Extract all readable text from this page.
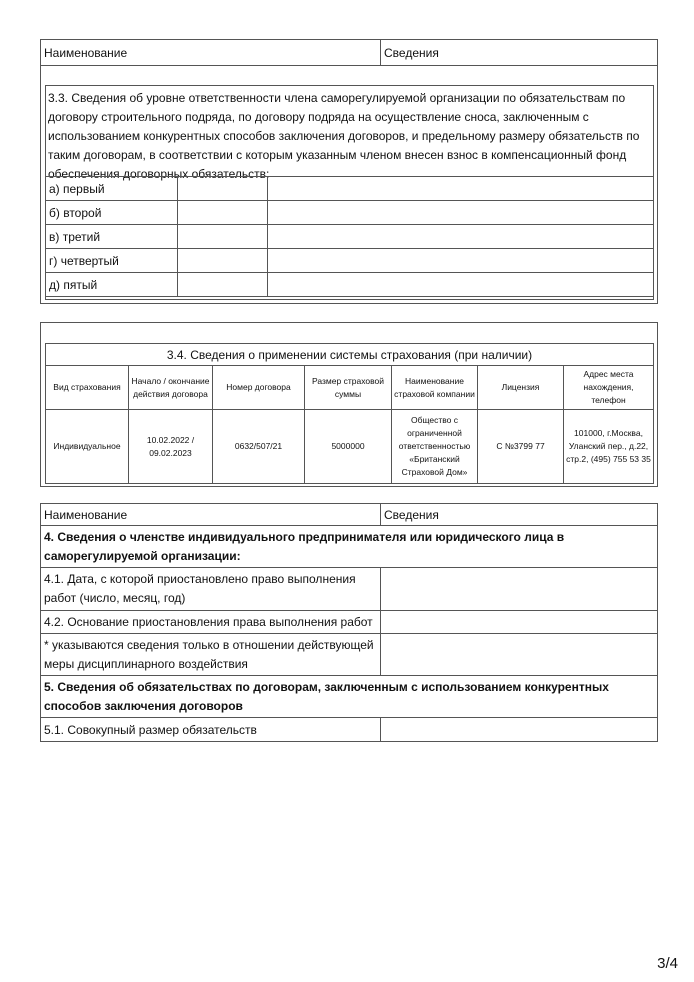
Наименование	Сведения
3.3. Сведения об уровне ответственности члена саморегулируемой организации по обязательствам по договору строительного подряда, по договору подряда на осуществление сноса, заключенным с использованием конкурентных способов заключения договоров, и предельному размеру обязательств по таким договорам, в соответствии с которым указанным членом внесен взнос в компенсационный фонд обеспечения договорных обязательств:
а) первый		
б) второй		
в) третий		
г) четвертый		
д) пятый		
3.4. Сведения о применении системы страхования (при наличии)						
Вид страхования	Начало / окончание действия договора	Номер договора	Размер страховой суммы	Наименование страховой компании	Лицензия	Адрес места нахождения, телефон
Индивидуальное	10.02.2022 / 09.02.2023	0632/507/21	5000000	Общество с ограниченной ответственностью «Британский Страховой Дом»	С №3799 77	101000, г.Москва, Уланский пер., д.22, стр.2, (495) 755 53 35
Наименование	Сведения
4. Сведения о членстве индивидуального предпринимателя или юридического лица в саморегулируемой организации:	
4.1. Дата, с которой приостановлено право выполнения работ (число, месяц, год)	
4.2. Основание приостановления права выполнения работ	
* указываются сведения только в отношении действующей меры дисциплинарного воздействия	
5. Сведения об обязательствах по договорам, заключенным с использованием конкурентных способов заключения договоров	
5.1. Совокупный размер обязательств	
3/4
